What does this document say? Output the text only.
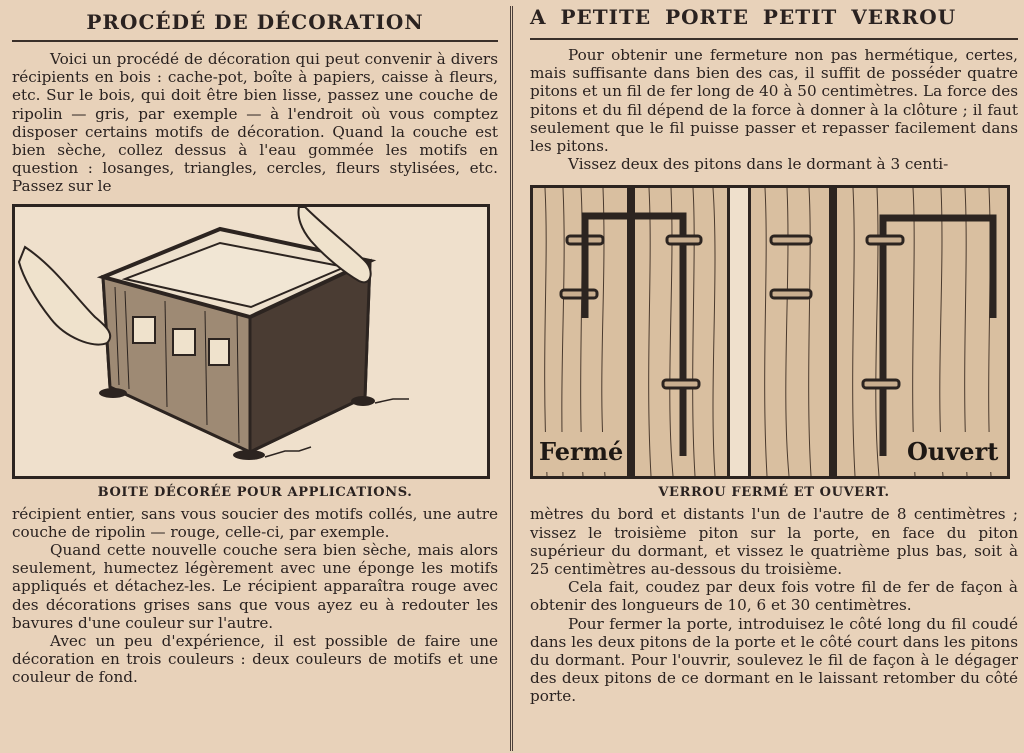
PROCÉDÉ DE DÉCORATION

Voici un procédé de décoration qui peut convenir à divers récipients en bois : cache-pot, boîte à papiers, caisse à fleurs, etc. Sur le bois, qui doit être bien lisse, passez une couche de ripolin — gris, par exemple — à l'endroit où vous comptez disposer certains motifs de décoration. Quand la couche est bien sèche, collez dessus à l'eau gommée les motifs en question : losanges, triangles, cercles, fleurs stylisées, etc. Passez sur le

BOITE DÉCORÉE POUR APPLICATIONS.

récipient entier, sans vous soucier des motifs collés, une autre couche de ripolin — rouge, celle-ci, par exemple.

Quand cette nouvelle couche sera bien sèche, mais alors seulement, humectez légèrement avec une éponge les motifs appliqués et détachez-les. Le récipient apparaîtra rouge avec des décorations grises sans que vous ayez eu à redouter les bavures d'une couleur sur l'autre.

Avec un peu d'expérience, il est possible de faire une décoration en trois couleurs : deux couleurs de motifs et une couleur de fond.

A PETITE PORTE PETIT VERROU

Pour obtenir une fermeture non pas hermétique, certes, mais suffisante dans bien des cas, il suffit de posséder quatre pitons et un fil de fer long de 40 à 50 centimètres. La force des pitons et du fil dépend de la force à donner à la clôture ; il faut seulement que le fil puisse passer et repasser facilement dans les pitons.

Vissez deux des pitons dans le dormant à 3 centi-

Fermé	Ouvert
VERROU FERMÉ ET OUVERT.

mètres du bord et distants l'un de l'autre de 8 centimètres ; vissez le troisième piton sur la porte, en face du piton supérieur du dormant, et vissez le quatrième plus bas, soit à 25 centimètres au-dessous du troisième.

Cela fait, coudez par deux fois votre fil de fer de façon à obtenir des longueurs de 10, 6 et 30 centimètres.

Pour fermer la porte, introduisez le côté long du fil coudé dans les deux pitons de la porte et le côté court dans les pitons du dormant. Pour l'ouvrir, soulevez le fil de façon à le dégager des deux pitons de ce dormant en le laissant retomber du côté porte.
